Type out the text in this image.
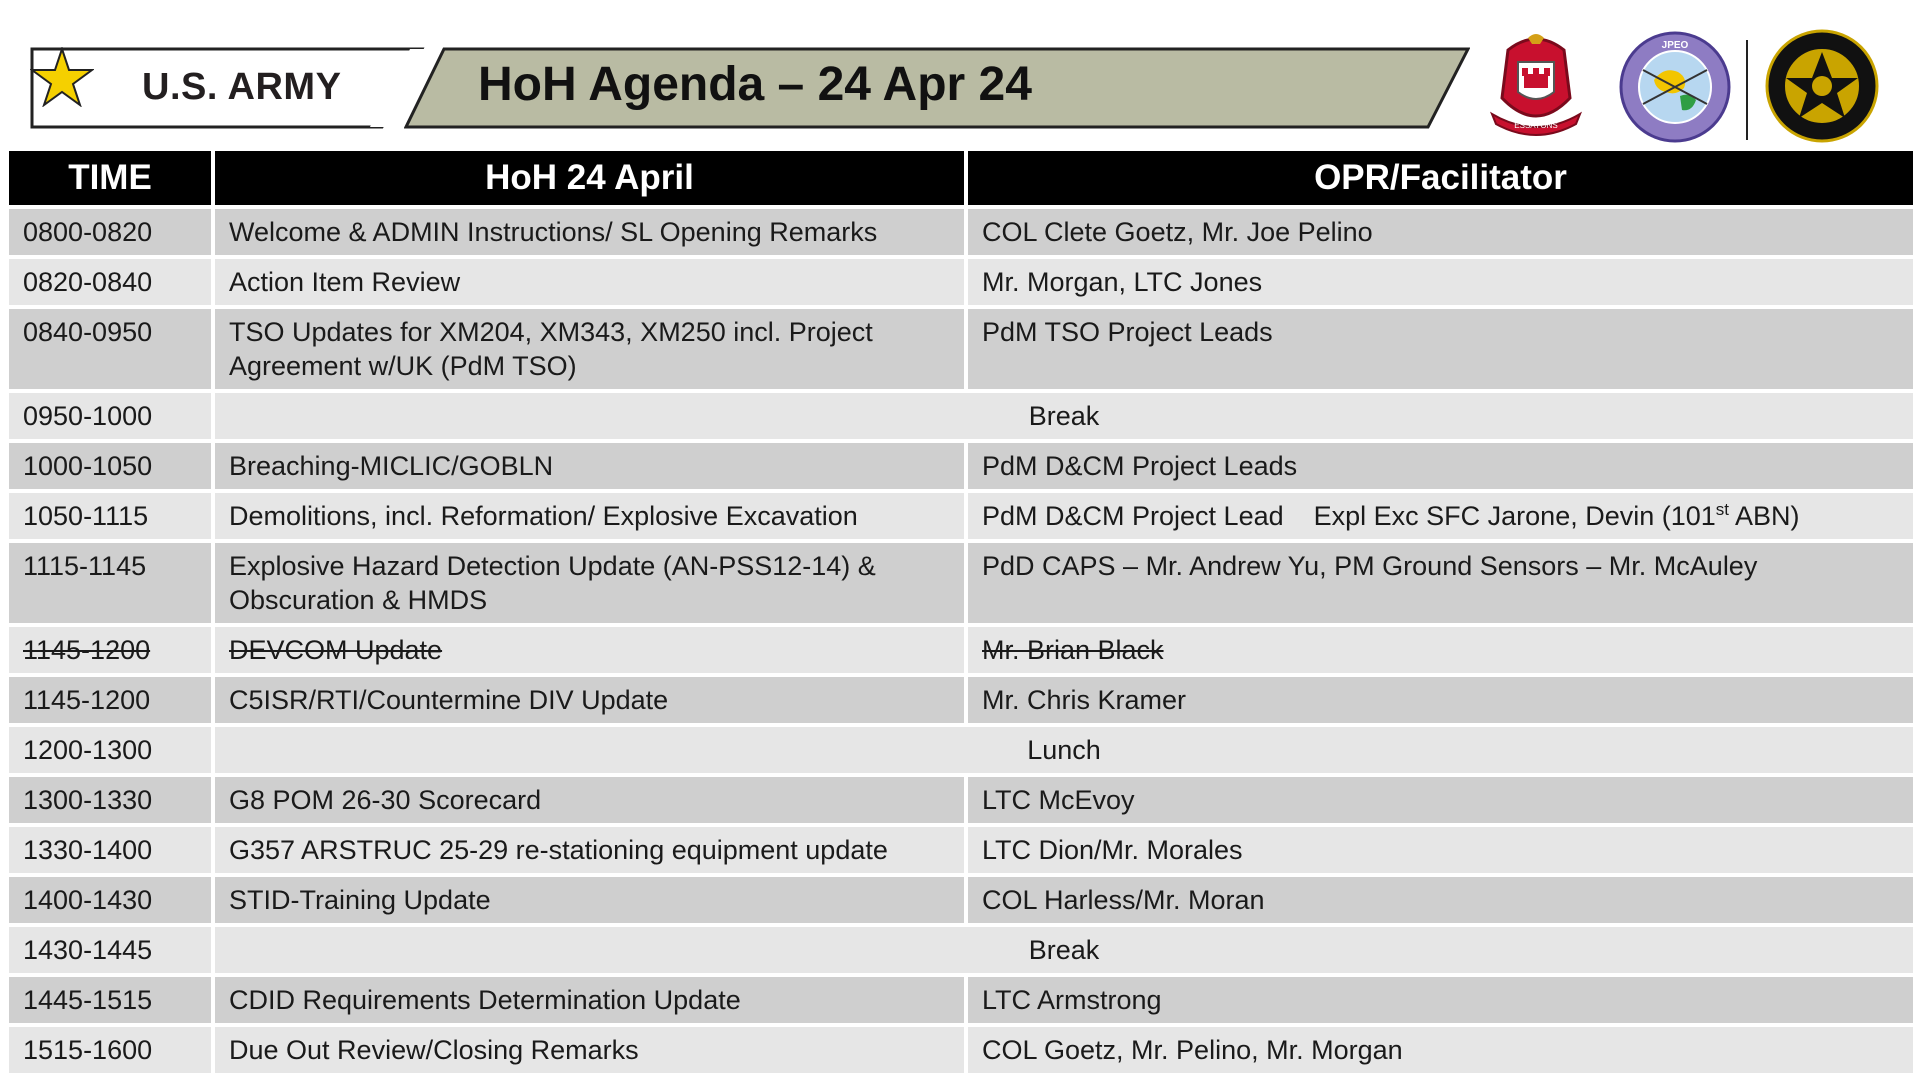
U.S. ARMY	HoH Agenda – 24 Apr 24
ESSAYONS
JPEO
TIME	HoH 24 April	OPR/Facilitator
0800-0820	Welcome & ADMIN Instructions/ SL Opening Remarks	COL Clete Goetz, Mr. Joe Pelino
0820-0840	Action Item Review	Mr. Morgan, LTC Jones
0840-0950	TSO Updates for XM204, XM343, XM250 incl. Project Agreement w/UK (PdM TSO)	PdM TSO Project Leads
0950-1000	Break	
1000-1050	Breaching-MICLIC/GOBLN	PdM D&CM Project Leads
1050-1115	Demolitions, incl. Reformation/ Explosive Excavation	PdM D&CM Project Lead Expl Exc SFC Jarone, Devin (101st ABN)
1115-1145	Explosive Hazard Detection Update (AN-PSS12-14) & Obscuration & HMDS	PdD CAPS – Mr. Andrew Yu, PM Ground Sensors – Mr. McAuley
1145-1200	DEVCOM Update	Mr. Brian Black
1145-1200	C5ISR/RTI/Countermine DIV Update	Mr. Chris Kramer
1200-1300	Lunch	
1300-1330	G8 POM 26-30 Scorecard	LTC McEvoy
1330-1400	G357 ARSTRUC 25-29 re-stationing equipment update	LTC Dion/Mr. Morales
1400-1430	STID-Training Update	COL Harless/Mr. Moran
1430-1445	Break	
1445-1515	CDID Requirements Determination Update	LTC Armstrong
1515-1600	Due Out Review/Closing Remarks	COL Goetz, Mr. Pelino, Mr. Morgan
